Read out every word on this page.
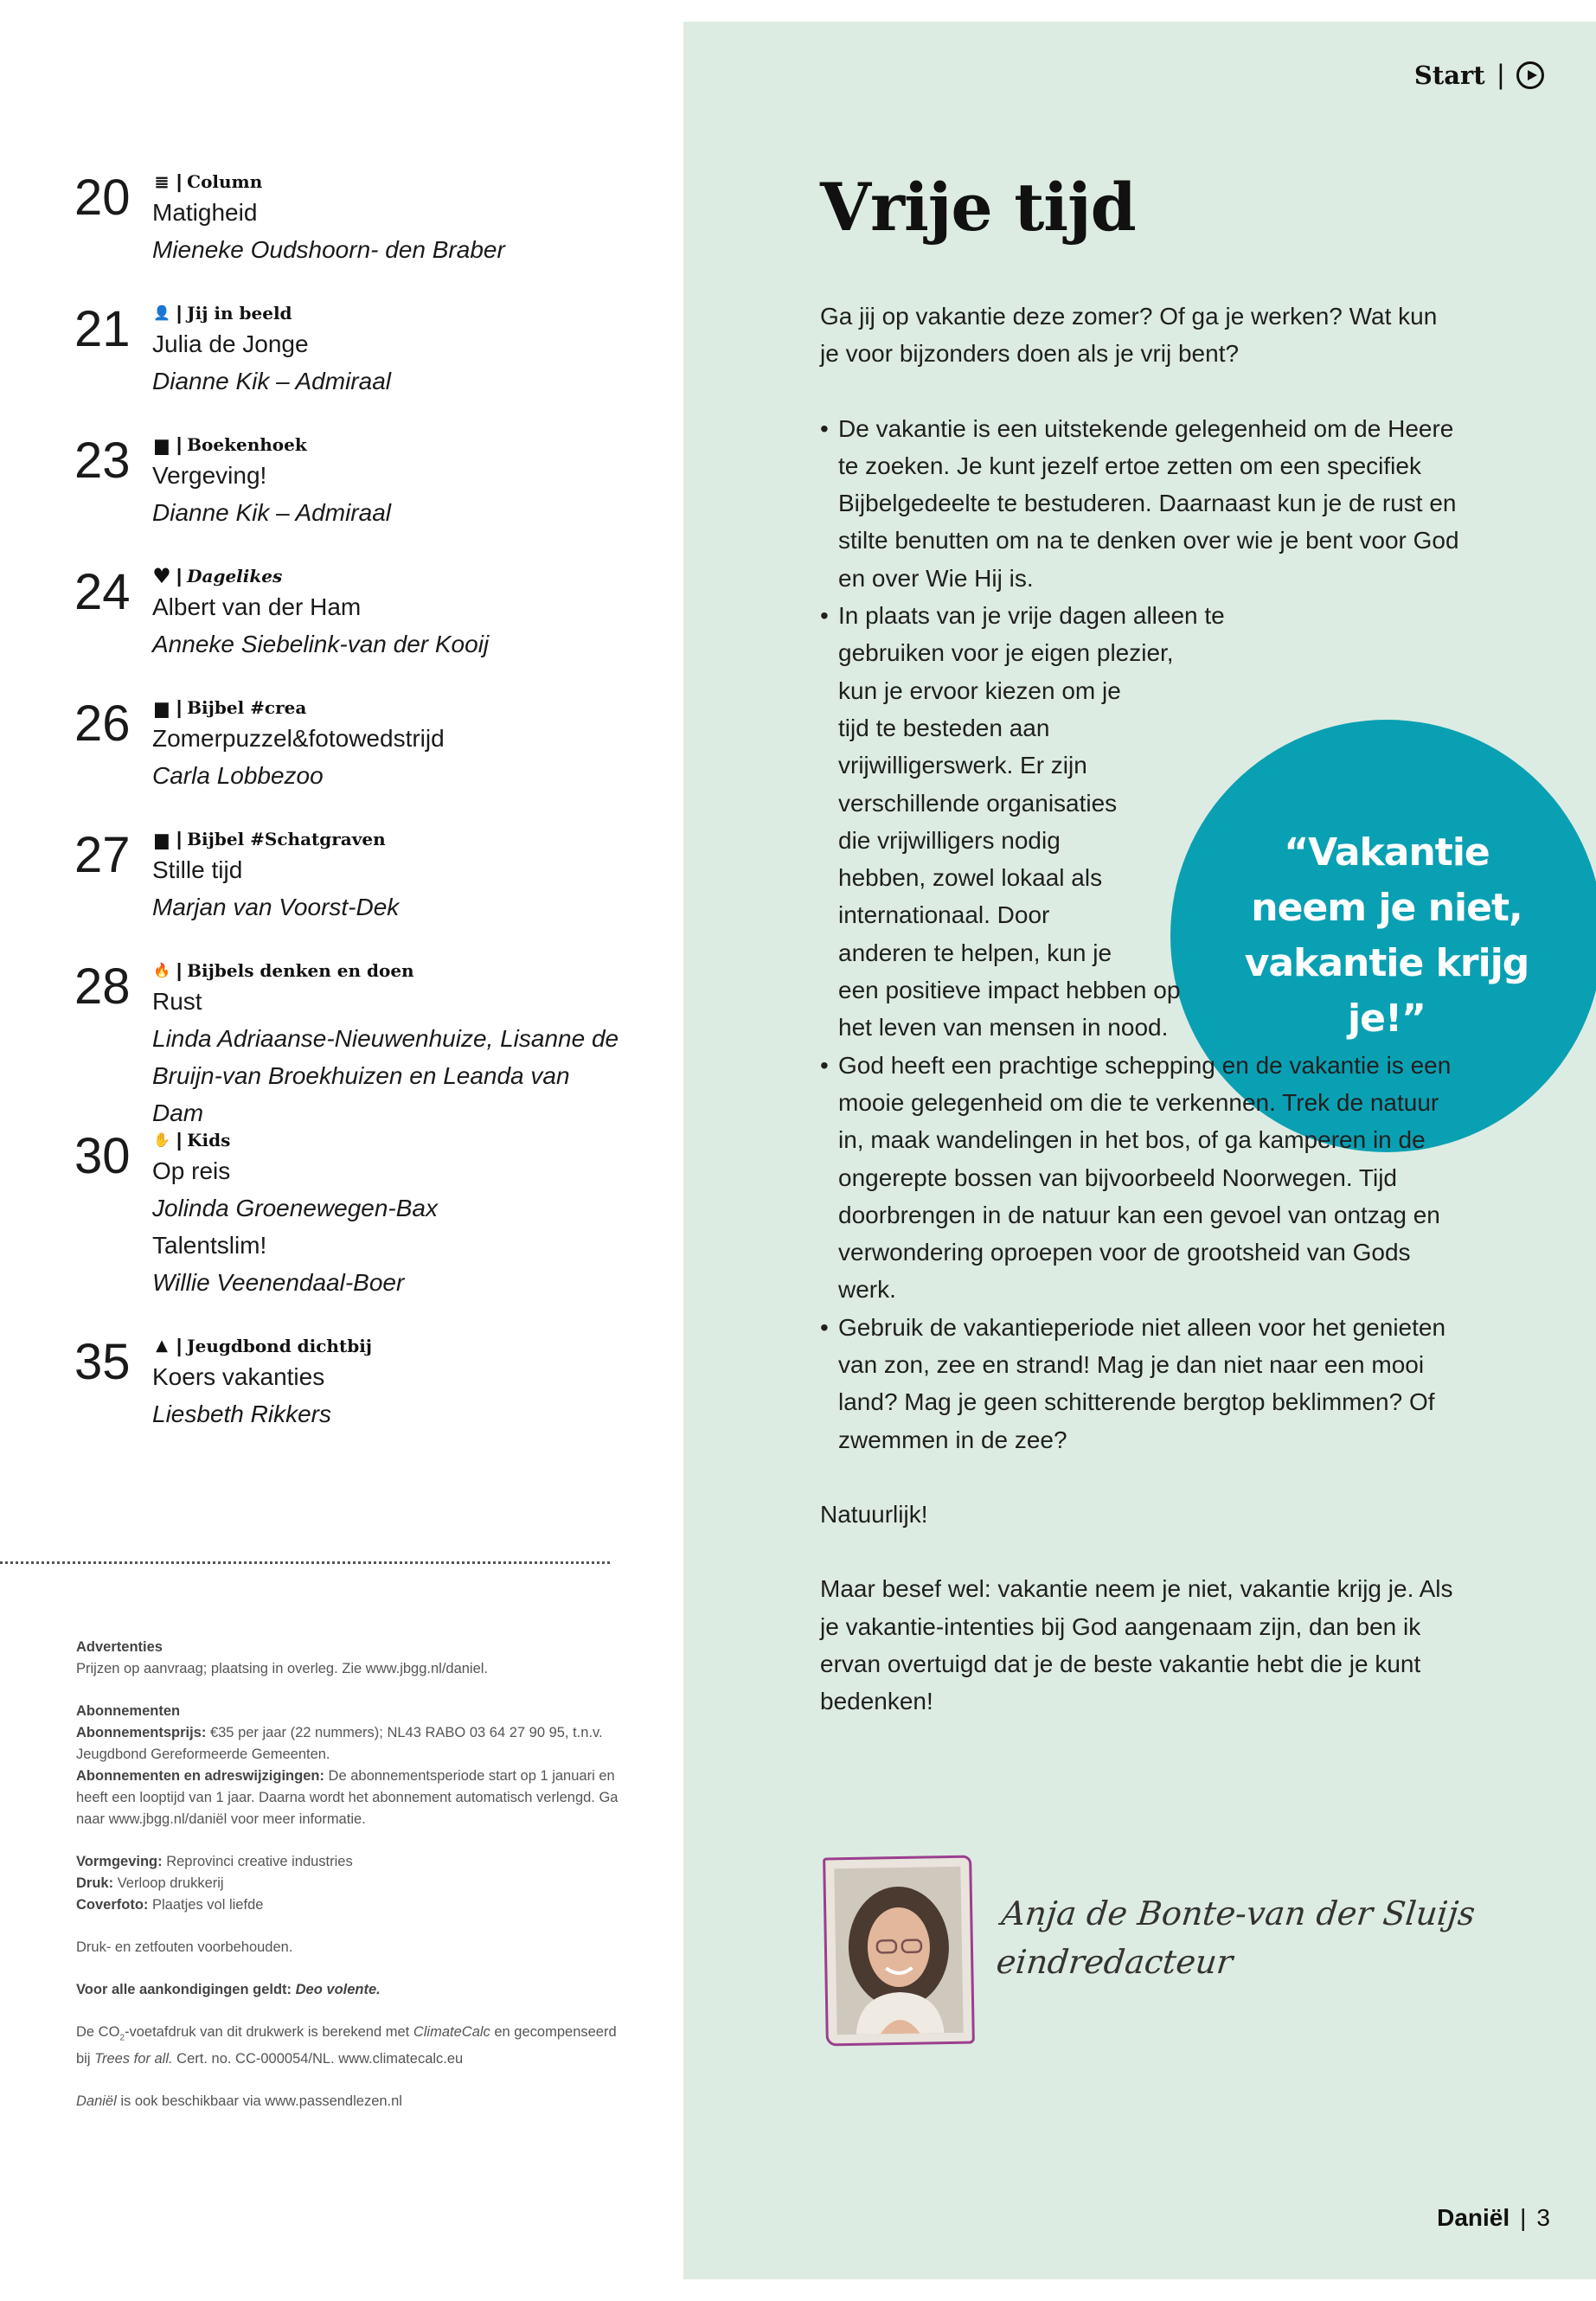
Start |
20 ≣ | Column
Matigheid
Mieneke Oudshoorn- den Braber
21 👤 | Jij in beeld
Julia de Jonge
Dianne Kik – Admiraal
23 ▆ | Boekenhoek
Vergeving!
Dianne Kik – Admiraal
24 ♥ | Dagelikes
Albert van der Ham
Anneke Siebelink-van der Kooij
26 ▆ | Bijbel #crea
Zomerpuzzel&fotowedstrijd
Carla Lobbezoo
27 ▆ | Bijbel #Schatgraven
Stille tijd
Marjan van Voorst-Dek
28 🔥 | Bijbels denken en doen
Rust
Linda Adriaanse-Nieuwenhuize, Lisanne de Bruijn-van Broekhuizen en Leanda van Dam
30 ✋ | Kids
Op reis
Jolinda Groenewegen-Bax
Talentslim!
Willie Veenendaal-Boer
35 ▲ | Jeugdbond dichtbij
Koers vakanties
Liesbeth Rikkers

Advertenties
Prijzen op aanvraag; plaatsing in overleg. Zie www.jbgg.nl/daniel.

Abonnementen
Abonnementsprijs: €35 per jaar (22 nummers); NL43 RABO 03 64 27 90 95, t.n.v. Jeugdbond Gereformeerde Gemeenten.
Abonnementen en adreswijzigingen: De abonnementsperiode start op 1 januari en heeft een looptijd van 1 jaar. Daarna wordt het abonnement automatisch verlengd. Ga naar www.jbgg.nl/daniël voor meer informatie.

Vormgeving: Reprovinci creative industries
Druk: Verloop drukkerij
Coverfoto: Plaatjes vol liefde

Druk- en zetfouten voorbehouden.

Voor alle aankondigingen geldt: Deo volente.

De $CO_2$-voetafdruk van dit drukwerk is berekend met ClimateCalc en gecompenseerd bij Trees for all. Cert. no. CC-000054/NL. www.climatecalc.eu

Daniël is ook beschikbaar via www.passendlezen.nl

Vrije tijd
“Vakantie neem je niet, vakantie krijg je!”

Ga jij op vakantie deze zomer? Of ga je werken? Wat kun je voor bijzonders doen als je vrij bent?

• De vakantie is een uitstekende gelegenheid om de Heere te zoeken. Je kunt jezelf ertoe zetten om een specifiek Bijbelgedeelte te bestuderen. Daarnaast kun je de rust en stilte benutten om na te denken over wie je bent voor God en over Wie Hij is.
• In plaats van je vrije dagen alleen te gebruiken voor je eigen plezier, kun je ervoor kiezen om je tijd te besteden aan vrijwilligerswerk. Er zijn verschillende organisaties die vrijwilligers nodig hebben, zowel lokaal als internationaal. Door anderen te helpen, kun je een positieve impact hebben op het leven van mensen in nood.
• God heeft een prachtige schepping en de vakantie is een mooie gelegenheid om die te verkennen. Trek de natuur in, maak wandelingen in het bos, of ga kamperen in de ongerepte bossen van bijvoorbeeld Noorwegen. Tijd doorbrengen in de natuur kan een gevoel van ontzag en verwondering oproepen voor de grootsheid van Gods werk.
• Gebruik de vakantieperiode niet alleen voor het genieten van zon, zee en strand! Mag je dan niet naar een mooi land? Mag je geen schitterende bergtop beklimmen? Of zwemmen in de zee?

Natuurlijk!

Maar besef wel: vakantie neem je niet, vakantie krijg je. Als je vakantie-intenties bij God aangenaam zijn, dan ben ik ervan overtuigd dat je de beste vakantie hebt die je kunt bedenken!

Anja de Bonte-van der Sluijs
eindredacteur
Daniël | 3
